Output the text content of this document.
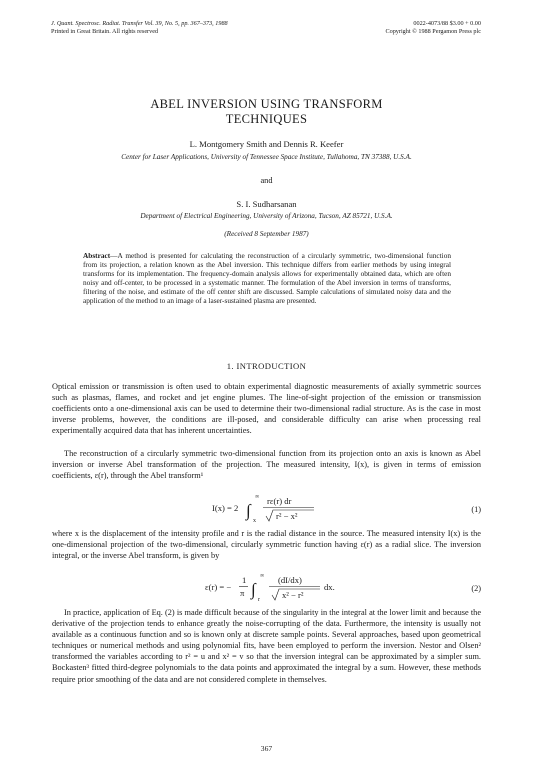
J. Quant. Spectrosc. Radiat. Transfer Vol. 39, No. 5, pp. 367–373, 1988
Printed in Great Britain. All rights reserved
0022-4073/88 $3.00 + 0.00
Copyright © 1988 Pergamon Press plc
ABEL INVERSION USING TRANSFORM
TECHNIQUES
L. Montgomery Smith and Dennis R. Keefer
Center for Laser Applications, University of Tennessee Space Institute, Tullahoma, TN 37388, U.S.A.
and
S. I. Sudharsanan
Department of Electrical Engineering, University of Arizona, Tucson, AZ 85721, U.S.A.
(Received 8 September 1987)
Abstract—A method is presented for calculating the reconstruction of a circularly symmetric, two-dimensional function from its projection, a relation known as the Abel inversion. This technique differs from earlier methods by using integral transforms for its implementation. The frequency-domain analysis allows for experimentally obtained data, which are often noisy and off-center, to be processed in a systematic manner. The formulation of the Abel inversion in terms of transforms, filtering of the noise, and estimate of the off center shift are discussed. Sample calculations of simulated noisy data and the application of the method to an image of a laser-sustained plasma are presented.
1. INTRODUCTION
Optical emission or transmission is often used to obtain experimental diagnostic measurements of axially symmetric sources such as plasmas, flames, and rocket and jet engine plumes. The line-of-sight projection of the emission or transmission coefficients onto a one-dimensional axis can be used to determine their two-dimensional radial structure. As is the case in most inverse problems, however, the conditions are ill-posed, and considerable difficulty can arise when processing real experimentally acquired data that has inherent uncertainties.
The reconstruction of a circularly symmetric two-dimensional function from its projection onto an axis is known as Abel inversion or inverse Abel transformation of the projection. The measured intensity, I(x), is given in terms of emission coefficients, ε(r), through the Abel transform¹
I(x) = 2 ∫
∞
x
rε(r) dr
r² − x²
(1)
where x is the displacement of the intensity profile and r is the radial distance in the source. The measured intensity I(x) is the one-dimensional projection of the two-dimensional, circularly symmetric function having ε(r) as a radial slice. The inversion integral, or the inverse Abel transform, is given by
ε(r) = −
1
π ∫
∞
r
(dI/dx)
x² − r²
dx.	(2)
In practice, application of Eq. (2) is made difficult because of the singularity in the integral at the lower limit and because the derivative of the projection tends to enhance greatly the noise-corrupting of the data. Furthermore, the intensity is usually not available as a continuous function and so is known only at discrete sample points. Several approaches, based upon geometrical techniques or numerical methods and using polynomial fits, have been employed to perform the inversion. Nestor and Olsen² transformed the variables according to r² = u and x² = v so that the inversion integral can be approximated by a simpler sum. Bockasten³ fitted third-degree polynomials to the data points and approximated the integral by a sum. However, these methods require prior smoothing of the data and are not considered complete in themselves.
367
